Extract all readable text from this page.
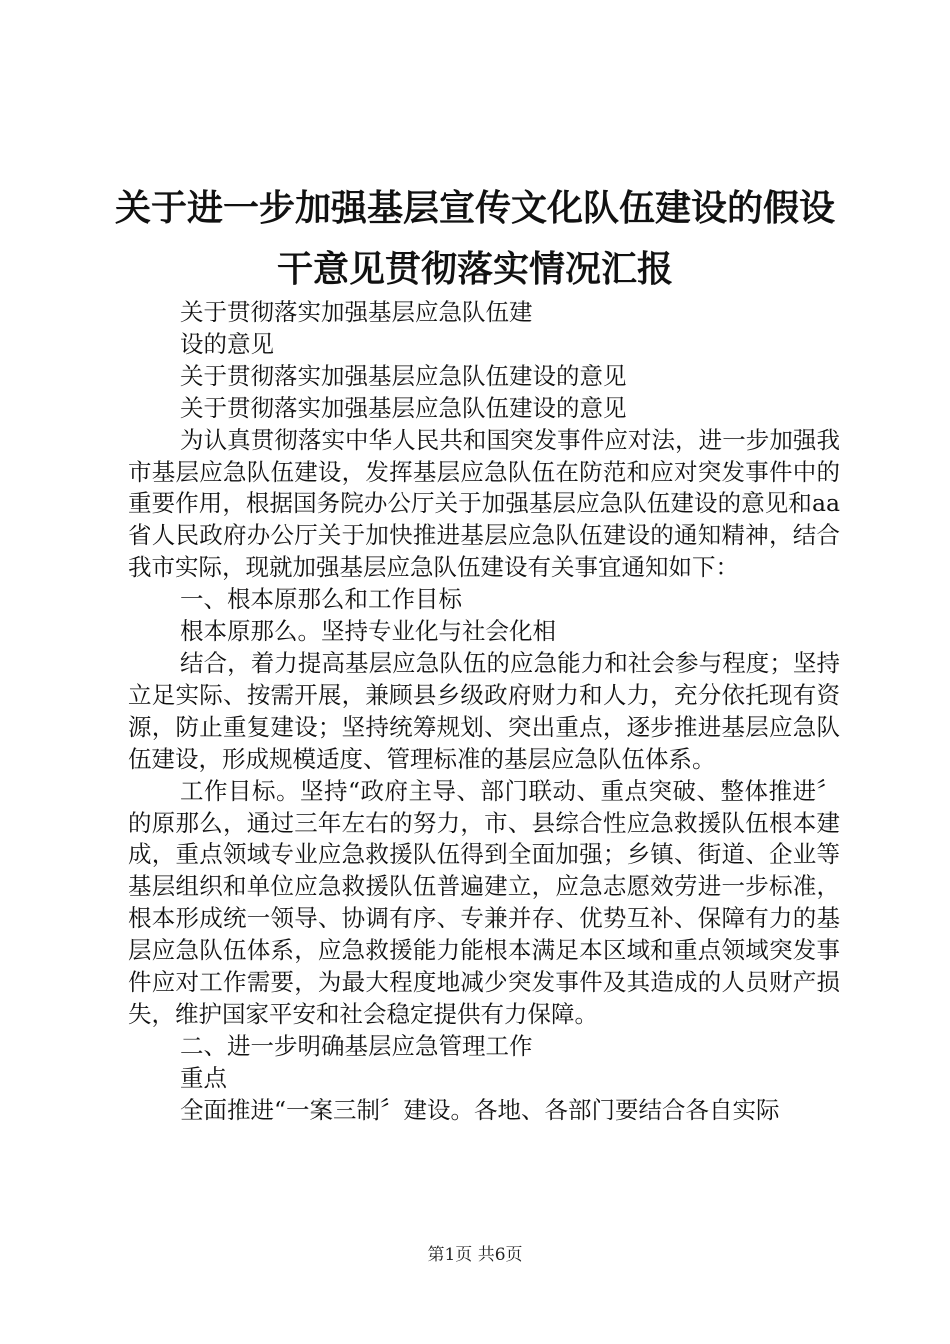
关于进一步加强基层宣传文化队伍建设的假设
干意见贯彻落实情况汇报

关于贯彻落实加强基层应急队伍建

设的意见

关于贯彻落实加强基层应急队伍建设的意见

关于贯彻落实加强基层应急队伍建设的意见

为认真贯彻落实中华人民共和国突发事件应对法，进一步加强我市基层应急队伍建设，发挥基层应急队伍在防范和应对突发事件中的重要作用，根据国务院办公厅关于加强基层应急队伍建设的意见和aa省人民政府办公厅关于加快推进基层应急队伍建设的通知精神，结合我市实际，现就加强基层应急队伍建设有关事宜通知如下：

一、根本原那么和工作目标

根本原那么。坚持专业化与社会化相

结合，着力提高基层应急队伍的应急能力和社会参与程度；坚持立足实际、按需开展，兼顾县乡级政府财力和人力，充分依托现有资源，防止重复建设；坚持统筹规划、突出重点，逐步推进基层应急队伍建设，形成规模适度、管理标准的基层应急队伍体系。

工作目标。坚持“政府主导、部门联动、重点突破、整体推进〞的原那么，通过三年左右的努力，市、县综合性应急救援队伍根本建成，重点领域专业应急救援队伍得到全面加强；乡镇、街道、企业等基层组织和单位应急救援队伍普遍建立，应急志愿效劳进一步标准，根本形成统一领导、协调有序、专兼并存、优势互补、保障有力的基层应急队伍体系，应急救援能力能根本满足本区域和重点领域突发事件应对工作需要，为最大程度地减少突发事件及其造成的人员财产损失，维护国家平安和社会稳定提供有力保障。

二、进一步明确基层应急管理工作

重点

全面推进“一案三制〞建设。各地、各部门要结合各自实际

第1页 共6页
